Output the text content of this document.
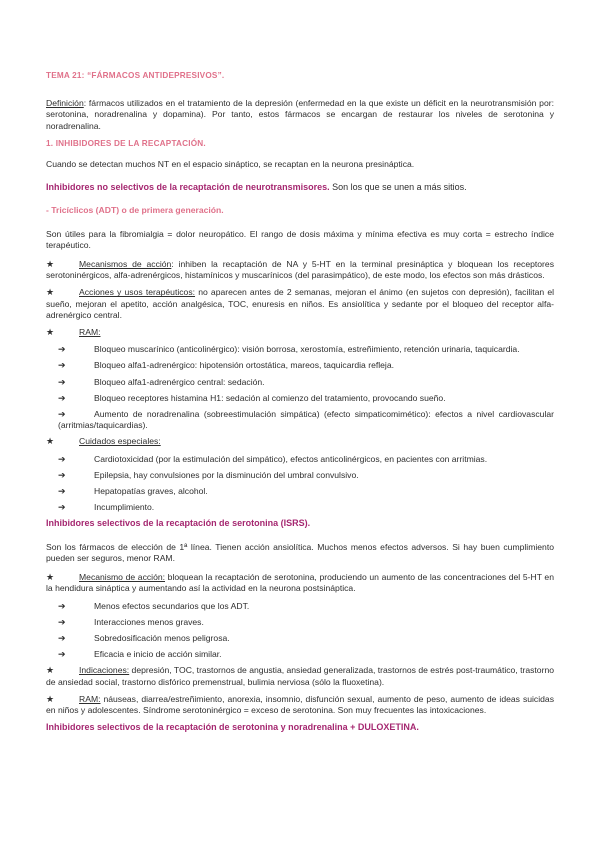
TEMA 21: “FÁRMACOS ANTIDEPRESIVOS”.

Definición: fármacos utilizados en el tratamiento de la depresión (enfermedad en la que existe un déficit en la neurotransmisión por: serotonina, noradrenalina y dopamina). Por tanto, estos fármacos se encargan de restaurar los niveles de serotonina y noradrenalina.

1. INHIBIDORES DE LA RECAPTACIÓN.

Cuando se detectan muchos NT en el espacio sináptico, se recaptan en la neurona presináptica.

Inhibidores no selectivos de la recaptación de neurotransmisores. Son los que se unen a más sitios.
- Tricíclicos (ADT) o de primera generación.

Son útiles para la fibromialgia = dolor neuropático. El rango de dosis máxima y mínima efectiva es muy corta = estrecho índice terapéutico.

★	Mecanismos de acción: inhiben la recaptación de NA y 5-HT en la terminal presináptica y bloquean los receptores serotoninérgicos, alfa-adrenérgicos, histamínicos y muscarínicos (del parasimpático), de este modo, los efectos son más drásticos.
★	Acciones y usos terapéuticos: no aparecen antes de 2 semanas, mejoran el ánimo (en sujetos con depresión), facilitan el sueño, mejoran el apetito, acción analgésica, TOC, enuresis en niños. Es ansiolítica y sedante por el bloqueo del receptor alfa-adrenérgico central.
★	RAM:
➔	Bloqueo muscarínico (anticolinérgico): visión borrosa, xerostomía, estreñimiento, retención urinaria, taquicardia.
➔	Bloqueo alfa1-adrenérgico: hipotensión ortostática, mareos, taquicardia refleja.
➔	Bloqueo alfa1-adrenérgico central: sedación.
➔	Bloqueo receptores histamina H1: sedación al comienzo del tratamiento, provocando sueño.
➔	Aumento de noradrenalina (sobreestimulación simpática) (efecto simpaticomimético): efectos a nivel cardiovascular (arritmias/taquicardias).
★	Cuidados especiales:
➔	Cardiotoxicidad (por la estimulación del simpático), efectos anticolinérgicos, en pacientes con arritmias.
➔	Epilepsia, hay convulsiones por la disminución del umbral convulsivo.
➔	Hepatopatías graves, alcohol.
➔	Incumplimiento.
Inhibidores selectivos de la recaptación de serotonina (ISRS).

Son los fármacos de elección de 1ª línea. Tienen acción ansiolítica. Muchos menos efectos adversos. Si hay buen cumplimiento pueden ser seguros, menor RAM.

★	Mecanismo de acción: bloquean la recaptación de serotonina, produciendo un aumento de las concentraciones del 5-HT en la hendidura sináptica y aumentando así la actividad en la neurona postsináptica.
➔	Menos efectos secundarios que los ADT.
➔	Interacciones menos graves.
➔	Sobredosificación menos peligrosa.
➔	Eficacia e inicio de acción similar.
★	Indicaciones: depresión, TOC, trastornos de angustia, ansiedad generalizada, trastornos de estrés post-traumático, trastorno de ansiedad social, trastorno disfórico premenstrual, bulimia nerviosa (sólo la fluoxetina).
★	RAM: náuseas, diarrea/estreñimiento, anorexia, insomnio, disfunción sexual, aumento de peso, aumento de ideas suicidas en niños y adolescentes. Síndrome serotoninérgico = exceso de serotonina. Son muy frecuentes las intoxicaciones.
Inhibidores selectivos de la recaptación de serotonina y noradrenalina + DULOXETINA.
